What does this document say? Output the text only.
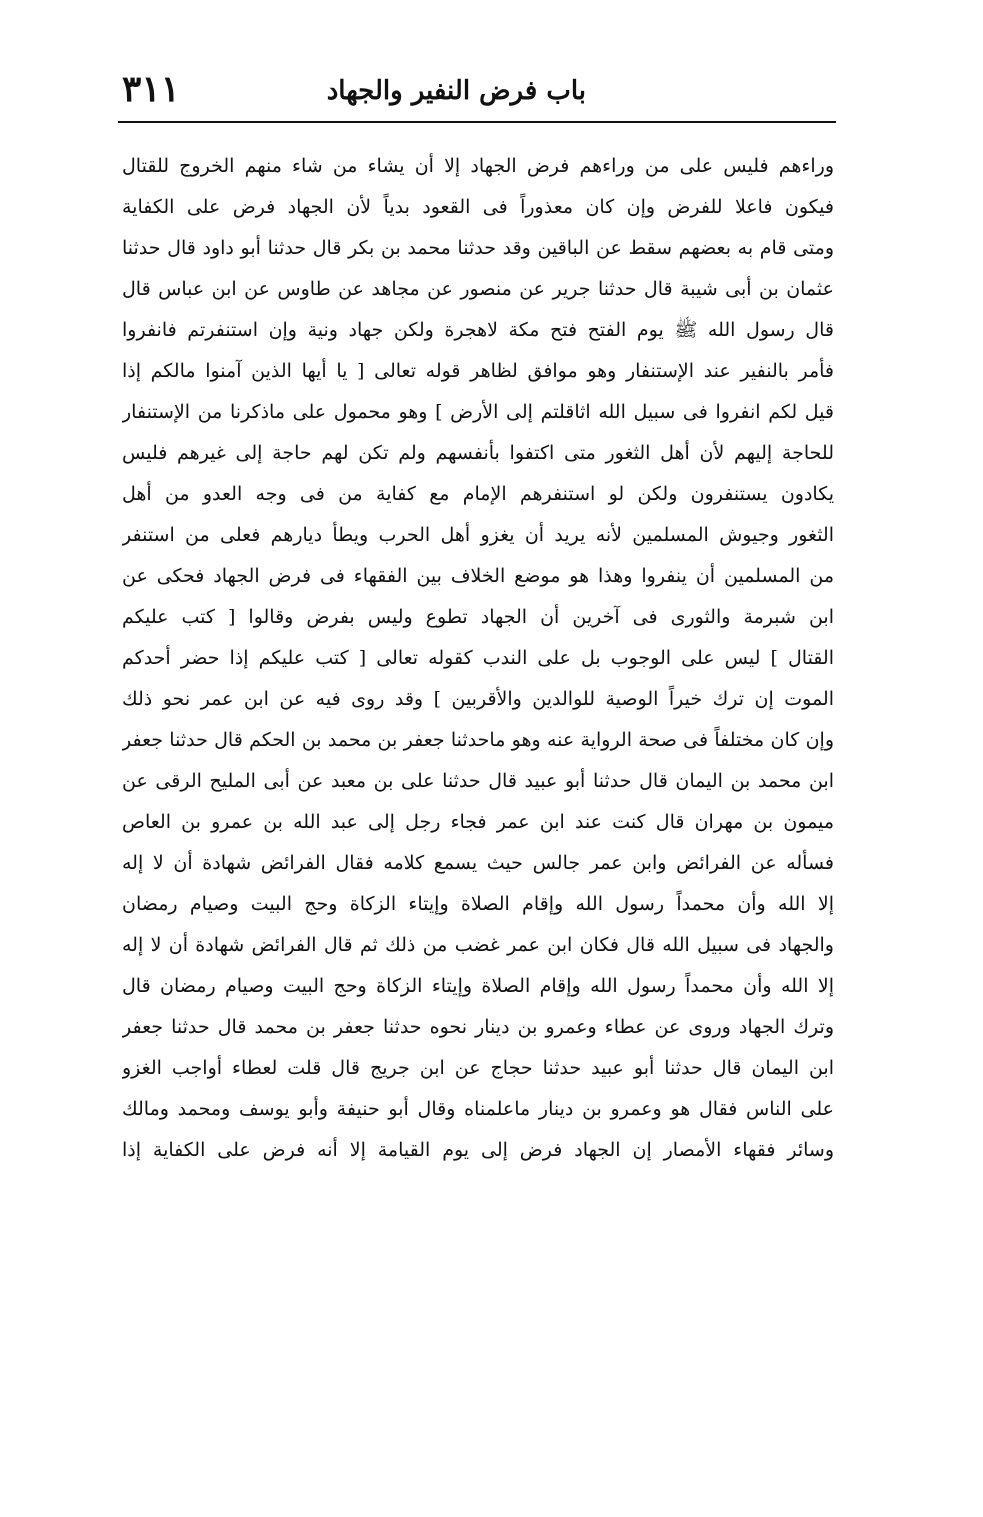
باب فرض النفير والجهاد
٣١١
وراءهم فليس على من وراءهم فرض الجهاد إلا أن يشاء من شاء منهم الخروج للقتال
فيكون فاعلا للفرض وإن كان معذوراً فى القعود بدياً لأن الجهاد فرض على الكفاية
ومتى قام به بعضهم سقط عن الباقين وقد حدثنا محمد بن بكر قال حدثنا أبو داود قال حدثنا
عثمان بن أبى شيبة قال حدثنا جرير عن منصور عن مجاهد عن طاوس عن ابن عباس قال
قال رسول الله ﷺ يوم الفتح فتح مكة لاهجرة ولكن جهاد ونية وإن استنفرتم فانفروا
فأمر بالنفير عند الإستنفار وهو موافق لظاهر قوله تعالى [ يا أيها الذين آمنوا مالكم إذا
قيل لكم انفروا فى سبيل الله اثاقلتم إلى الأرض ] وهو محمول على ماذكرنا من الإستنفار
للحاجة إليهم لأن أهل الثغور متى اكتفوا بأنفسهم ولم تكن لهم حاجة إلى غيرهم فليس
يكادون يستنفرون ولكن لو استنفرهم الإمام مع كفاية من فى وجه العدو من أهل
الثغور وجيوش المسلمين لأنه يريد أن يغزو أهل الحرب ويطأ ديارهم فعلى من استنفر
من المسلمين أن ينفروا وهذا هو موضع الخلاف بين الفقهاء فى فرض الجهاد فحكى عن
ابن شبرمة والثورى فى آخرين أن الجهاد تطوع وليس بفرض وقالوا [ كتب عليكم
القتال ] ليس على الوجوب بل على الندب كقوله تعالى [ كتب عليكم إذا حضر أحدكم
الموت إن ترك خيراً الوصية للوالدين والأقربين ] وقد روى فيه عن ابن عمر نحو ذلك
وإن كان مختلفاً فى صحة الرواية عنه وهو ماحدثنا جعفر بن محمد بن الحكم قال حدثنا جعفر
ابن محمد بن اليمان قال حدثنا أبو عبيد قال حدثنا على بن معبد عن أبى المليح الرقى عن
ميمون بن مهران قال كنت عند ابن عمر فجاء رجل إلى عبد الله بن عمرو بن العاص
فسأله عن الفرائض وابن عمر جالس حيث يسمع كلامه فقال الفرائض شهادة أن لا إله
إلا الله وأن محمداً رسول الله وإقام الصلاة وإيتاء الزكاة وحج البيت وصيام رمضان
والجهاد فى سبيل الله قال فكان ابن عمر غضب من ذلك ثم قال الفرائض شهادة أن لا إله
إلا الله وأن محمداً رسول الله وإقام الصلاة وإيتاء الزكاة وحج البيت وصيام رمضان قال
وترك الجهاد وروى عن عطاء وعمرو بن دينار نحوه حدثنا جعفر بن محمد قال حدثنا جعفر
ابن اليمان قال حدثنا أبو عبيد حدثنا حجاج عن ابن جريج قال قلت لعطاء أواجب الغزو
على الناس فقال هو وعمرو بن دينار ماعلمناه وقال أبو حنيفة وأبو يوسف ومحمد ومالك
وسائر فقهاء الأمصار إن الجهاد فرض إلى يوم القيامة إلا أنه فرض على الكفاية إذا
